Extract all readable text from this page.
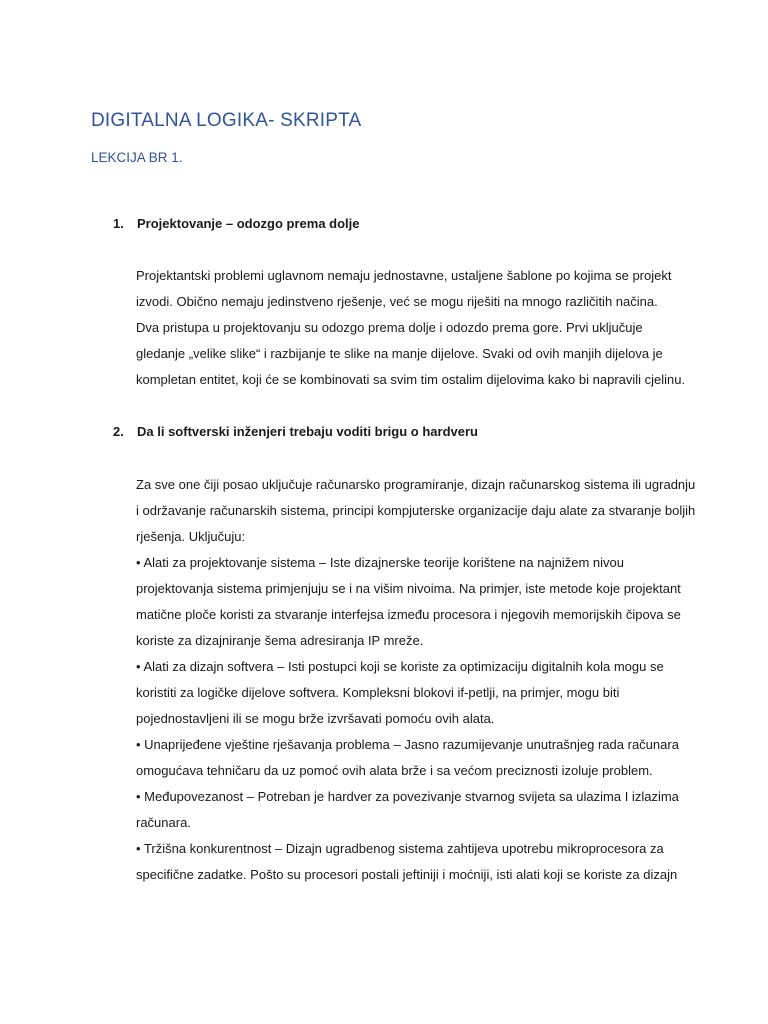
DIGITALNA LOGIKA- SKRIPTA
LEKCIJA BR 1.
1. Projektovanje – odozgo prema dolje
Projektantski problemi uglavnom nemaju jednostavne, ustaljene šablone po kojima se projekt
izvodi. Obično nemaju jedinstveno rješenje, već se mogu riješiti na mnogo različitih načina.
Dva pristupa u projektovanju su odozgo prema dolje i odozdo prema gore. Prvi uključuje
gledanje „velike slike“ i razbijanje te slike na manje dijelove. Svaki od ovih manjih dijelova je
kompletan entitet, koji će se kombinovati sa svim tim ostalim dijelovima kako bi napravili cjelinu.
2. Da li softverski inženjeri trebaju voditi brigu o hardveru
Za sve one čiji posao uključuje računarsko programiranje, dizajn računarskog sistema ili ugradnju
i održavanje računarskih sistema, principi kompjuterske organizacije daju alate za stvaranje boljih
rješenja. Uključuju:
• Alati za projektovanje sistema – Iste dizajnerske teorije korištene na najnižem nivou
projektovanja sistema primjenjuju se i na višim nivoima. Na primjer, iste metode koje projektant
matične ploče koristi za stvaranje interfejsa između procesora i njegovih memorijskih čipova se
koriste za dizajniranje šema adresiranja IP mreže.
• Alati za dizajn softvera – Isti postupci koji se koriste za optimizaciju digitalnih kola mogu se
koristiti za logičke dijelove softvera. Kompleksni blokovi if-petlji, na primjer, mogu biti
pojednostavljeni ili se mogu brže izvršavati pomoću ovih alata.
• Unaprijeđene vještine rješavanja problema – Jasno razumijevanje unutrašnjeg rada računara
omogućava tehničaru da uz pomoć ovih alata brže i sa većom preciznosti izoluje problem.
• Međupovezanost – Potreban je hardver za povezivanje stvarnog svijeta sa ulazima I izlazima
računara.
• Tržišna konkurentnost – Dizajn ugradbenog sistema zahtijeva upotrebu mikroprocesora za
specifične zadatke. Pošto su procesori postali jeftiniji i moćniji, isti alati koji se koriste za dizajn
